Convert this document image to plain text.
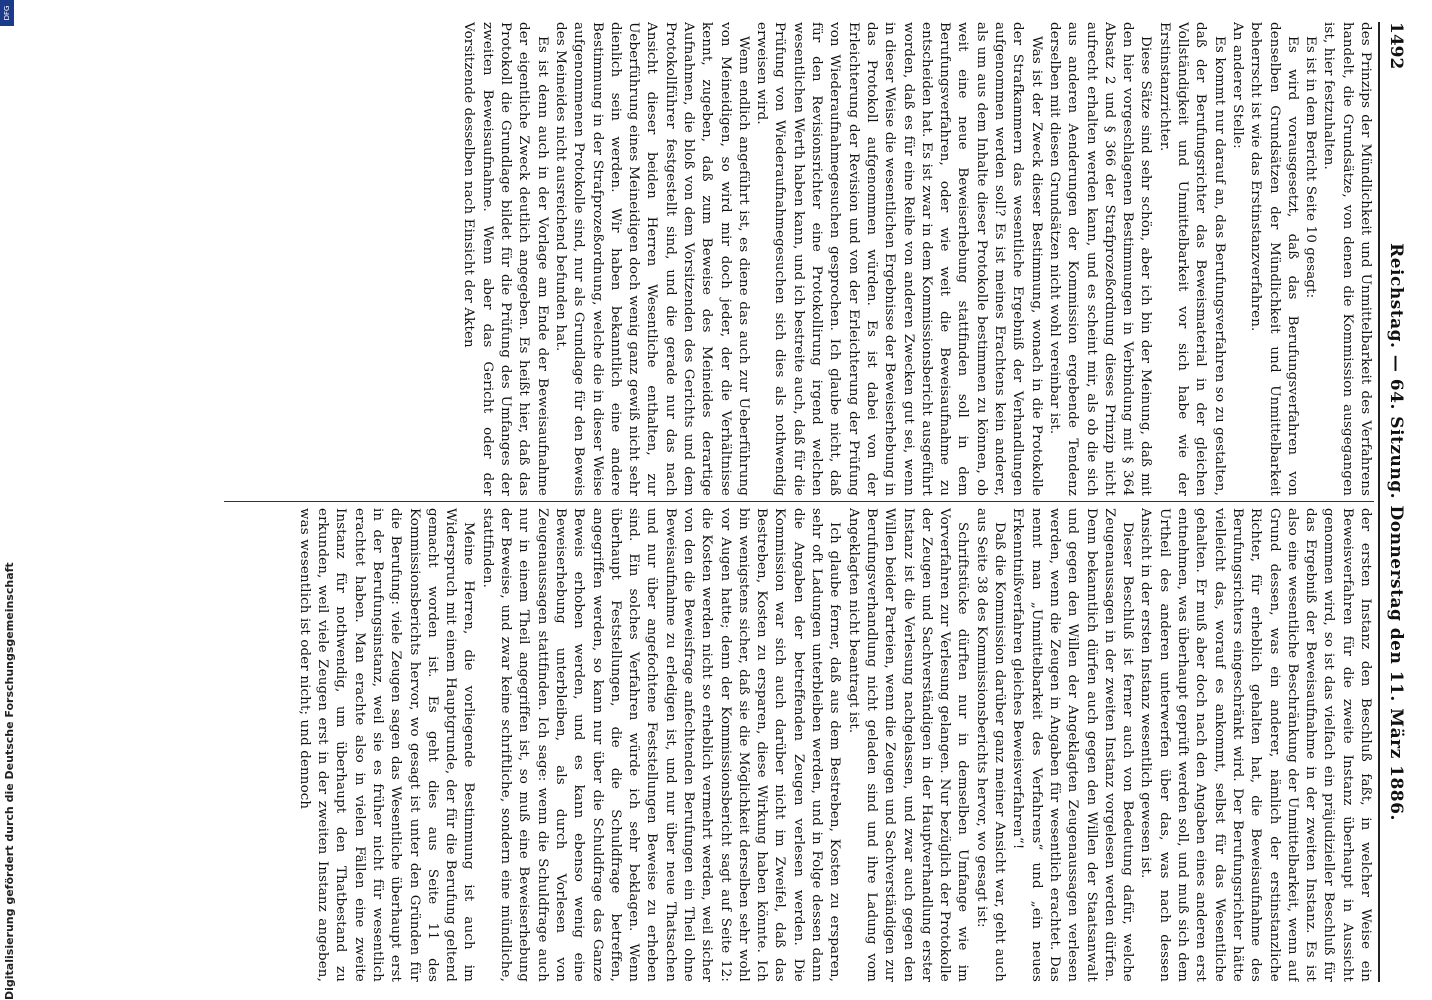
1492
Reichstag. — 64. Sitzung. Donnerstag den 11. März 1886.

des Prinzips der Mündlichkeit und Unmittelbarkeit des Verfahrens handelt, die Grundsätze, von denen die Kommission ausgegangen ist, hier festzuhalten.

Es ist in dem Bericht Seite 10 gesagt:

Es wird vorausgesetzt, daß das Berufungsverfahren von denselben Grundsätzen der Mündlichkeit und Unmittelbarkeit beherrscht ist wie das Erstinstanzverfahren.

An anderer Stelle:

Es kommt nur darauf an, das Berufungsverfahren so zu gestalten, daß der Berufungsrichter das Beweismaterial in der gleichen Vollständigkeit und Unmittelbarkeit vor sich habe wie der Erstinstanzrichter.

Diese Sätze sind sehr schön, aber ich bin der Meinung, daß mit den hier vorgeschlagenen Bestimmungen in Verbindung mit § 364 Absatz 2 und § 366 der Strafprozeßordnung dieses Prinzip nicht aufrecht erhalten werden kann, und es scheint mir, als ob die sich aus anderen Aenderungen der Kommission ergebende Tendenz derselben mit diesen Grundsätzen nicht wohl vereinbar ist.

Was ist der Zweck dieser Bestimmung, wonach in die Protokolle der Strafkammern das wesentliche Ergebniß der Verhandlungen aufgenommen werden soll? Es ist meines Erachtens kein anderer, als um aus dem Inhalte dieser Protokolle bestimmen zu können, ob weit eine neue Beweiserhebung stattfinden soll in dem Berufungsverfahren, oder wie weit die Beweisaufnahme zu entscheiden hat. Es ist zwar in dem Kommissionsbericht ausgeführt worden, daß es für eine Reihe von anderen Zwecken gut sei, wenn in dieser Weise die wesentlichen Ergebnisse der Beweiserhebung in das Protokoll aufgenommen würden. Es ist dabei von der Erleichterung der Revision und von der Erleichterung der Prüfung von Wiederaufnahmegesuchen gesprochen. Ich glaube nicht, daß für den Revisionsrichter eine Protokollirung irgend welchen wesentlichen Werth haben kann, und ich bestreite auch, daß für die Prüfung von Wiederaufnahmegesuchen sich dies als nothwendig erweisen wird.

Wenn endlich angeführt ist, es diene das auch zur Ueberführung von Meineidigen, so wird mir doch jeder, der die Verhältnisse kennt, zugeben, daß zum Beweise des Meineides derartige Aufnahmen, die bloß von dem Vorsitzenden des Gerichts und dem Protokollführer festgestellt sind, und die gerade nur das nach Ansicht dieser beiden Herren Wesentliche enthalten, zur Ueberführung eines Meineidigen doch wenig ganz gewiß nicht sehr dienlich sein werden. Wir haben bekanntlich eine andere Bestimmung in der Strafprozeßordnung, welche die in dieser Weise aufgenommenen Protokolle sind, nur als Grundlage für den Beweis des Meineides nicht ausreichend befunden hat.

Es ist denn auch in der Vorlage am Ende der Beweisaufnahme der eigentliche Zweck deutlich angegeben. Es heißt hier, daß das Protokoll die Grundlage bildet für die Prüfung des Umfanges der zweiten Beweisaufnahme. Wenn aber das Gericht oder der Vorsitzende desselben nach Einsicht der Akten

der ersten Instanz den Beschluß faßt, in welcher Weise ein Beweisverfahren für die zweite Instanz überhaupt in Aussicht genommen wird, so ist das vielfach ein präjudizieller Beschluß für das Ergebniß der Beweisaufnahme in der zweiten Instanz. Es ist also eine wesentliche Beschränkung der Unmittelbarkeit, wenn auf Grund dessen, was ein anderer, nämlich der erstinstanzliche Richter, für erheblich gehalten hat, die Beweisaufnahme des Berufungsrichters eingeschränkt wird. Der Berufungsrichter hätte vielleicht das, worauf es ankommt, selbst für das Wesentliche gehalten. Er muß aber doch nach den Angaben eines anderen erst entnehmen, was überhaupt geprüft werden soll, und muß sich dem Urtheil des anderen unterwerfen über das, was nach dessen Ansicht in der ersten Instanz wesentlich gewesen ist.

Dieser Beschluß ist ferner auch von Bedeutung dafür, welche Zeugenaussagen in der zweiten Instanz vorgelesen werden dürfen. Denn bekanntlich dürfen auch gegen den Willen der Staatsanwalt und gegen den Willen der Angeklagten Zeugenaussagen verlesen werden, wenn die Zeugen in Angaben für wesentlich erachtet. Das nennt man „Unmittelbarkeit des Verfahrens“ und „ein neues Erkenntnißverfahren gleiches Beweisverfahren“!

Daß die Kommission darüber ganz meiner Ansicht war, geht auch aus Seite 38 des Kommissionsberichts hervor, wo gesagt ist:

Schriftstücke dürften nur in demselben Umfange wie im Vorverfahren zur Verlesung gelangen. Nur bezüglich der Protokolle der Zeugen und Sachverständigen in der Hauptverhandlung erster Instanz ist die Verlesung nachgelassen, und zwar auch gegen den Willen beider Parteien, wenn die Zeugen und Sachverständigen zur Berufungsverhandlung nicht geladen sind und ihre Ladung vom Angeklagten nicht beantragt ist.

Ich glaube ferner, daß aus dem Bestreben, Kosten zu ersparen, sehr oft Ladungen unterbleiben werden, und in Folge dessen dann die Angaben der betreffenden Zeugen verlesen werden. Die Kommission war sich auch darüber nicht im Zweifel, daß das Bestreben, Kosten zu ersparen, diese Wirkung haben könnte. Ich bin wenigstens sicher, daß sie die Möglichkeit derselben sehr wohl vor Augen hatte; denn der Kommissionsbericht sagt auf Seite 12: die Kosten werden nicht so erheblich vermehrt werden, weil sicher von den die Beweisfrage anfechtenden Berufungen ein Theil ohne Beweisaufnahme zu erledigen ist, und nur über neue Thatsachen und nur über angefochtene Feststellungen Beweise zu erheben sind. Ein solches Verfahren würde ich sehr beklagen. Wenn überhaupt Feststellungen, die die Schuldfrage betreffen, angegriffen werden, so kann nur über die Schuldfrage das Ganze Beweis erhoben werden, und es kann ebenso wenig eine Beweiserhebung unterbleiben, als durch Vorlesen von Zeugenaussagen stattfinden. Ich sage: wenn die Schuldfrage auch nur in einem Theil angegriffen ist, so muß eine Beweiserhebung der Beweise, und zwar keine schriftliche, sondern eine mündliche, stattfinden.

Meine Herren, die vorliegende Bestimmung ist auch im Widerspruch mit einem Hauptgrunde, der für die Berufung geltend gemacht worden ist. Es geht dies aus Seite 11 des Kommissionsberichts hervor, wo gesagt ist unter den Gründen für die Berufung: viele Zeugen sagen das Wesentliche überhaupt erst in der Berufungsinstanz, weil sie es früher nicht für wesentlich erachtet haben. Man erachte also in vielen Fällen eine zweite Instanz für nothwendig, um überhaupt den Thatbestand zu erkunden, weil viele Zeugen erst in der zweiten Instanz angeben, was wesentlich ist oder nicht; und dennoch

Digitalisierung gefördert durch die Deutsche Forschungsgemeinschaft
DFG
